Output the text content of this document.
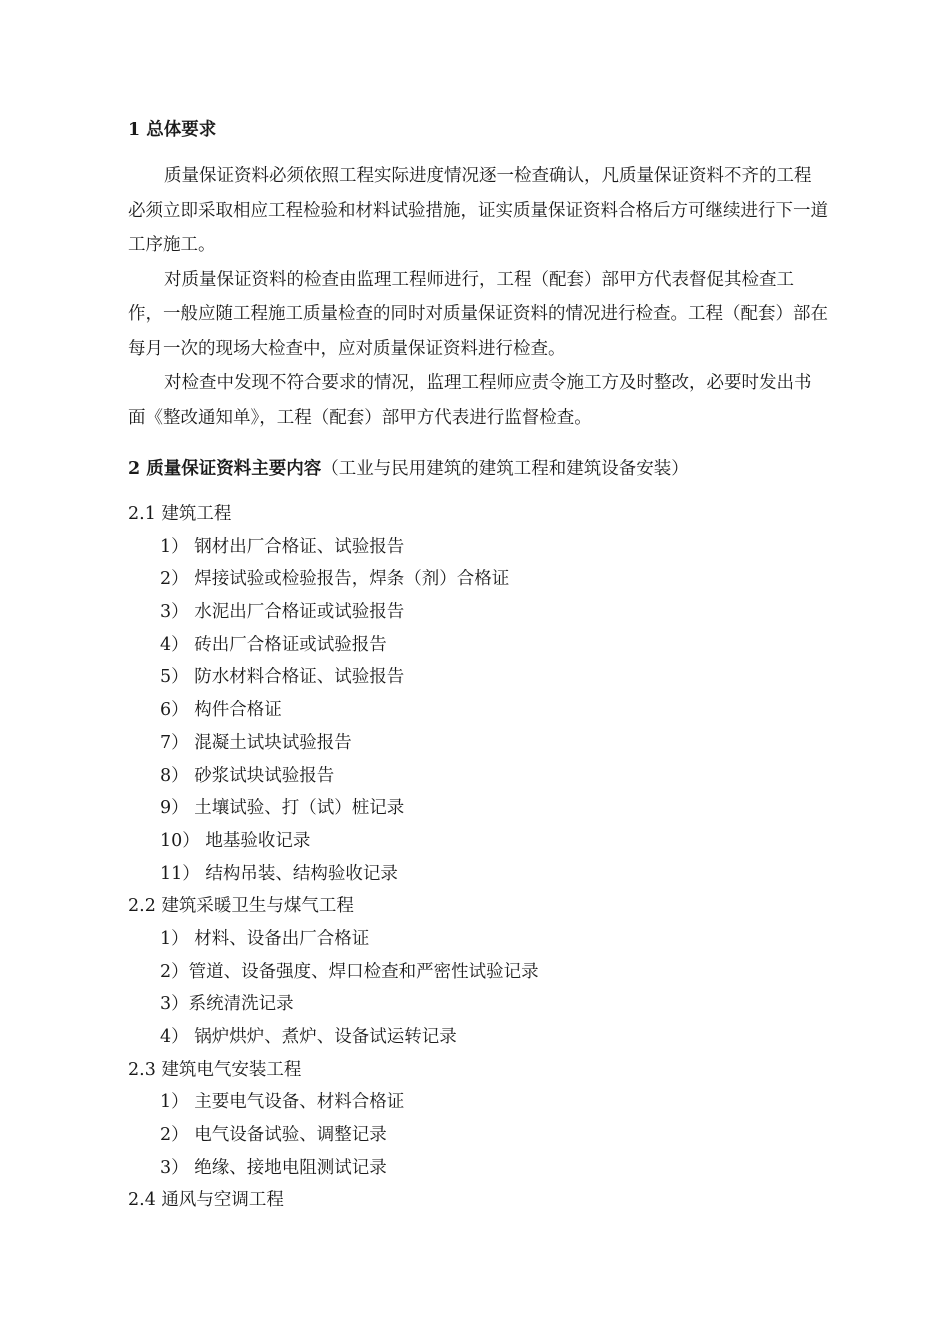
1 总体要求

质量保证资料必须依照工程实际进度情况逐一检查确认，凡质量保证资料不齐的工程必须立即采取相应工程检验和材料试验措施，证实质量保证资料合格后方可继续进行下一道工序施工。

对质量保证资料的检查由监理工程师进行，工程（配套）部甲方代表督促其检查工作，一般应随工程施工质量检查的同时对质量保证资料的情况进行检查。工程（配套）部在每月一次的现场大检查中，应对质量保证资料进行检查。

对检查中发现不符合要求的情况，监理工程师应责令施工方及时整改，必要时发出书面《整改通知单》，工程（配套）部甲方代表进行监督检查。

2 质量保证资料主要内容（工业与民用建筑的建筑工程和建筑设备安装）
2.1 建筑工程
1） 钢材出厂合格证、试验报告
2） 焊接试验或检验报告，焊条（剂）合格证
3） 水泥出厂合格证或试验报告
4） 砖出厂合格证或试验报告
5） 防水材料合格证、试验报告
6） 构件合格证
7） 混凝土试块试验报告
8） 砂浆试块试验报告
9） 土壤试验、打（试）桩记录
10） 地基验收记录
11） 结构吊装、结构验收记录
2.2 建筑采暖卫生与煤气工程
1） 材料、设备出厂合格证
2）管道、设备强度、焊口检查和严密性试验记录
3）系统清洗记录
4） 锅炉烘炉、煮炉、设备试运转记录
2.3 建筑电气安装工程
1） 主要电气设备、材料合格证
2） 电气设备试验、调整记录
3） 绝缘、接地电阻测试记录
2.4 通风与空调工程
